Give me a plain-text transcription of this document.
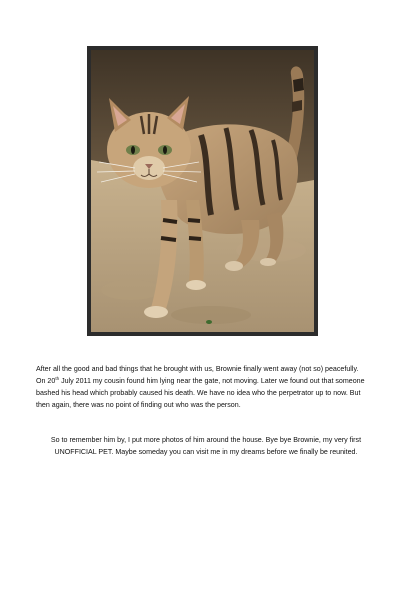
After all the good and bad things that he brought with us, Brownie finally went away (not so) peacefully.
On 20th July 2011 my cousin found him lying near the gate, not moving. Later we found out that someone
bashed his head which probably caused his death. We have no idea who the perpetrator up to now. But
then again, there was no point of finding out who was the person.

So to remember him by, I put more photos of him around the house. Bye bye Brownie, my very first
UNOFFICIAL PET. Maybe someday you can visit me in my dreams before we finally be reunited.
